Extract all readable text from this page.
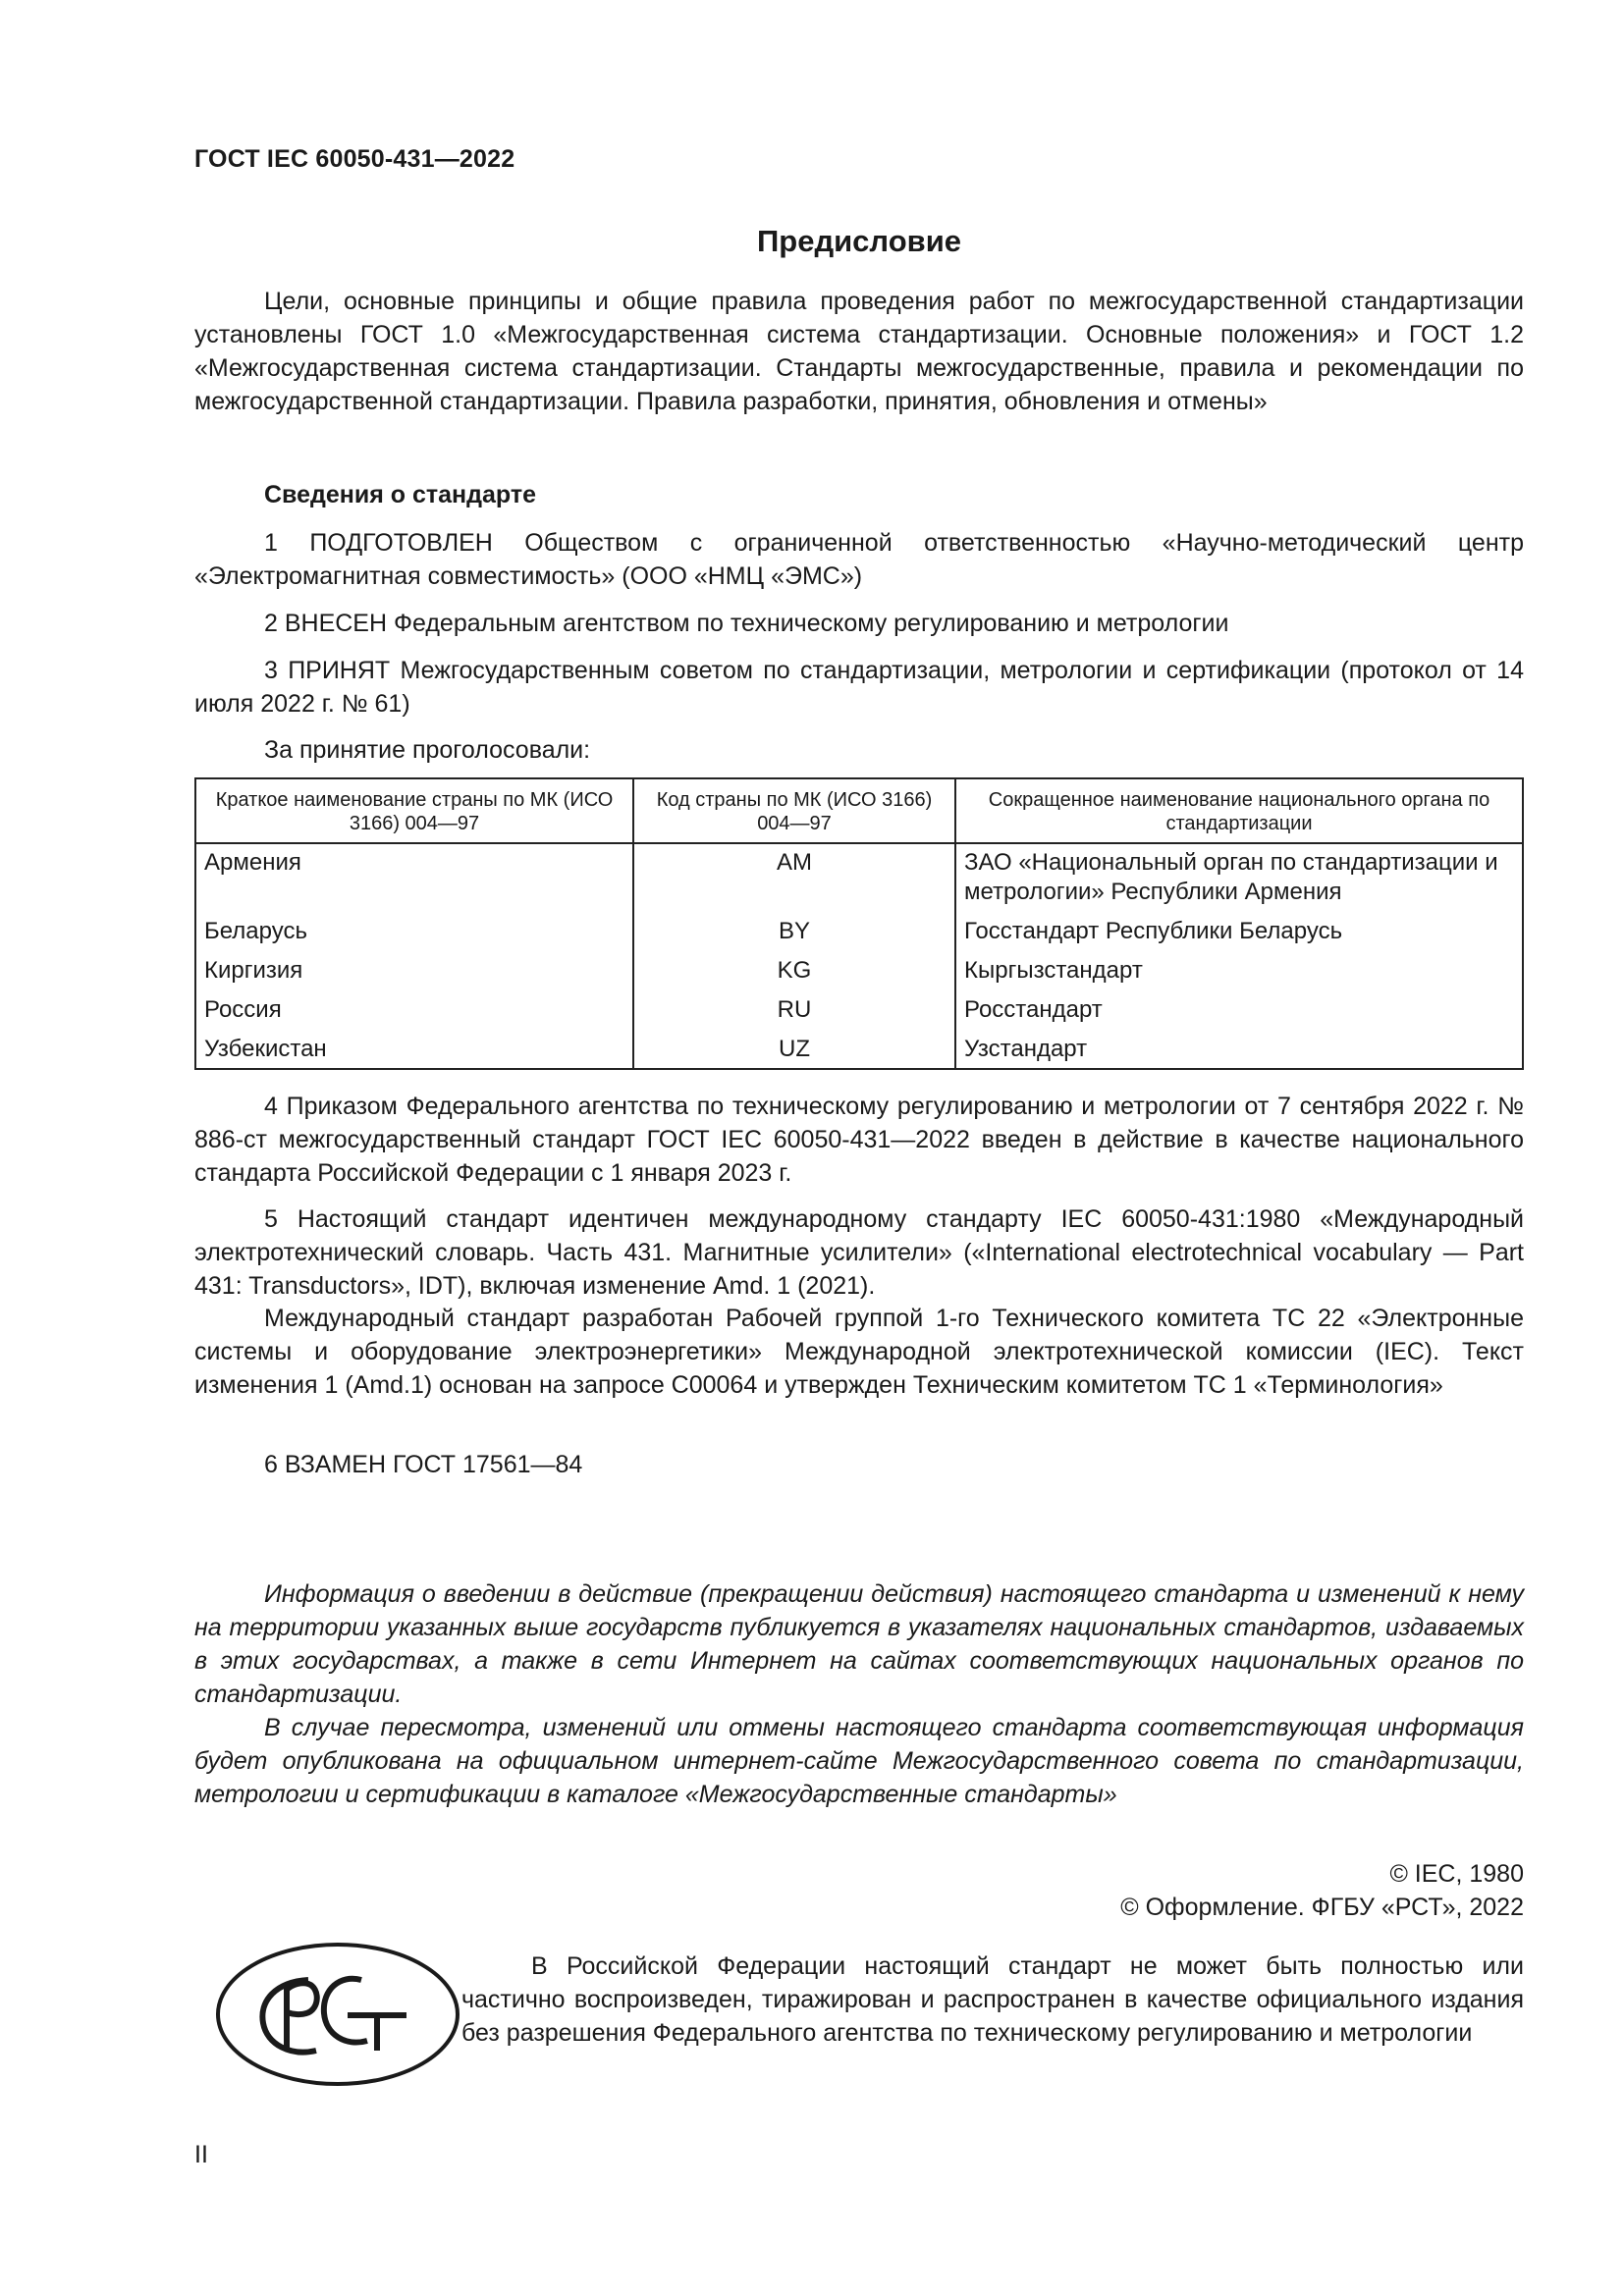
ГОСТ IEC 60050-431—2022
Предисловие
Цели, основные принципы и общие правила проведения работ по межгосударственной стандартизации установлены ГОСТ 1.0 «Межгосударственная система стандартизации. Основные положения» и ГОСТ 1.2 «Межгосударственная система стандартизации. Стандарты межгосударственные, правила и рекомендации по межгосударственной стандартизации. Правила разработки, принятия, обновления и отмены»
Сведения о стандарте
1 ПОДГОТОВЛЕН Обществом с ограниченной ответственностью «Научно-методический центр «Электромагнитная совместимость» (ООО «НМЦ «ЭМС»)
2 ВНЕСЕН Федеральным агентством по техническому регулированию и метрологии
3 ПРИНЯТ Межгосударственным советом по стандартизации, метрологии и сертификации (протокол от 14 июля 2022 г. № 61)
За принятие проголосовали:
Краткое наименование страны по МК (ИСО 3166) 004—97	Код страны по МК (ИСО 3166) 004—97	Сокращенное наименование национального органа по стандартизации
Армения	AM	ЗАО «Национальный орган по стандартизации и метрологии» Республики Армения
Беларусь	BY	Госстандарт Республики Беларусь
Киргизия	KG	Кыргызстандарт
Россия	RU	Росстандарт
Узбекистан	UZ	Узстандарт
4 Приказом Федерального агентства по техническому регулированию и метрологии от 7 сентября 2022 г. № 886-ст межгосударственный стандарт ГОСТ IEC 60050-431—2022 введен в действие в качестве национального стандарта Российской Федерации с 1 января 2023 г.
5 Настоящий стандарт идентичен международному стандарту IEC 60050-431:1980 «Международный электротехнический словарь. Часть 431. Магнитные усилители» («International electrotechnical vocabulary — Part 431: Transductors», IDT), включая изменение Amd. 1 (2021).
Международный стандарт разработан Рабочей группой 1-го Технического комитета ТС 22 «Электронные системы и оборудование электроэнергетики» Международной электротехнической комиссии (IEC). Текст изменения 1 (Amd.1) основан на запросе C00064 и утвержден Техническим комитетом ТС 1 «Терминология»
6 ВЗАМЕН ГОСТ 17561—84
Информация о введении в действие (прекращении действия) настоящего стандарта и изменений к нему на территории указанных выше государств публикуется в указателях национальных стандартов, издаваемых в этих государствах, а также в сети Интернет на сайтах соответствующих национальных органов по стандартизации.
В случае пересмотра, изменений или отмены настоящего стандарта соответствующая информация будет опубликована на официальном интернет-сайте Межгосударственного совета по стандартизации, метрологии и сертификации в каталоге «Межгосударственные стандарты»
© IEC, 1980
© Оформление. ФГБУ «РСТ», 2022
В Российской Федерации настоящий стандарт не может быть полностью или частично воспроизведен, тиражирован и распространен в качестве официального издания без разрешения Федерального агентства по техническому регулированию и метрологии
II
